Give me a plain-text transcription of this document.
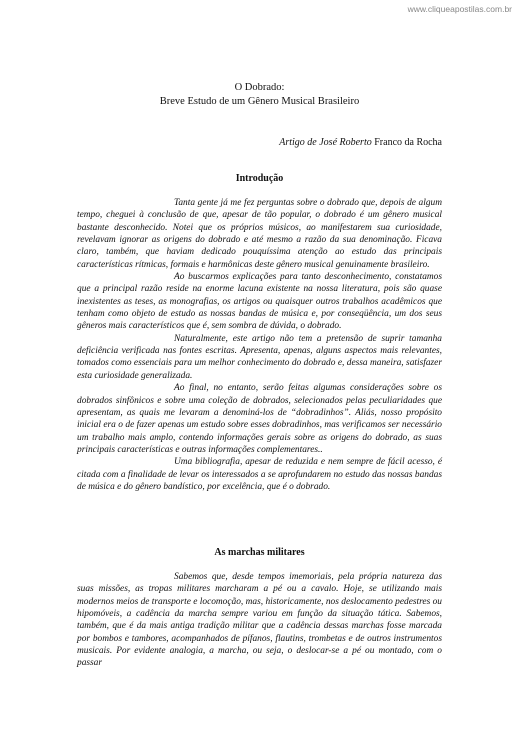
www.cliqueapostilas.com.br
O Dobrado:
Breve Estudo de um Gênero Musical Brasileiro
Artigo de José Roberto Franco da Rocha
Introdução

Tanta gente já me fez perguntas sobre o dobrado que, depois de algum tempo, cheguei à conclusão de que, apesar de tão popular, o dobrado é um gênero musical bastante desconhecido. Notei que os próprios músicos, ao manifestarem sua curiosidade, revelavam ignorar as origens do dobrado e até mesmo a razão da sua denominação. Ficava claro, também, que haviam dedicado pouquíssima atenção ao estudo das principais características rítmicas, formais e harmônicas deste gênero musical genuinamente brasileiro.

Ao buscarmos explicações para tanto desconhecimento, constatamos que a principal razão reside na enorme lacuna existente na nossa literatura, pois são quase inexistentes as teses, as monografias, os artigos ou quaisquer outros trabalhos acadêmicos que tenham como objeto de estudo as nossas bandas de música e, por conseqüência, um dos seus gêneros mais característicos que é, sem sombra de dúvida, o dobrado.

Naturalmente, este artigo não tem a pretensão de suprir tamanha deficiência verificada nas fontes escritas. Apresenta, apenas, alguns aspectos mais relevantes, tomados como essenciais para um melhor conhecimento do dobrado e, dessa maneira, satisfazer esta curiosidade generalizada.

Ao final, no entanto, serão feitas algumas considerações sobre os dobrados sinfônicos e sobre uma coleção de dobrados, selecionados pelas peculiaridades que apresentam, as quais me levaram a denominá-los de “dobradinhos”. Aliás, nosso propósito inicial era o de fazer apenas um estudo sobre esses dobradinhos, mas verificamos ser necessário um trabalho mais amplo, contendo informações gerais sobre as origens do dobrado, as suas principais características e outras informações complementares..

Uma bibliografia, apesar de reduzida e nem sempre de fácil acesso, é citada com a finalidade de levar os interessados a se aprofundarem no estudo das nossas bandas de música e do gênero bandístico, por excelência, que é o dobrado.

As marchas militares

Sabemos que, desde tempos imemoriais, pela própria natureza das suas missões, as tropas militares marcharam a pé ou a cavalo. Hoje, se utilizando mais modernos meios de transporte e locomoção, mas, historicamente, nos deslocamento pedestres ou hipomóveis, a cadência da marcha sempre variou em função da situação tática. Sabemos, também, que é da mais antiga tradição militar que a cadência dessas marchas fosse marcada por bombos e tambores, acompanhados de pífanos, flautins, trombetas e de outros instrumentos musicais. Por evidente analogia, a marcha, ou seja, o deslocar-se a pé ou montado, com o passar
